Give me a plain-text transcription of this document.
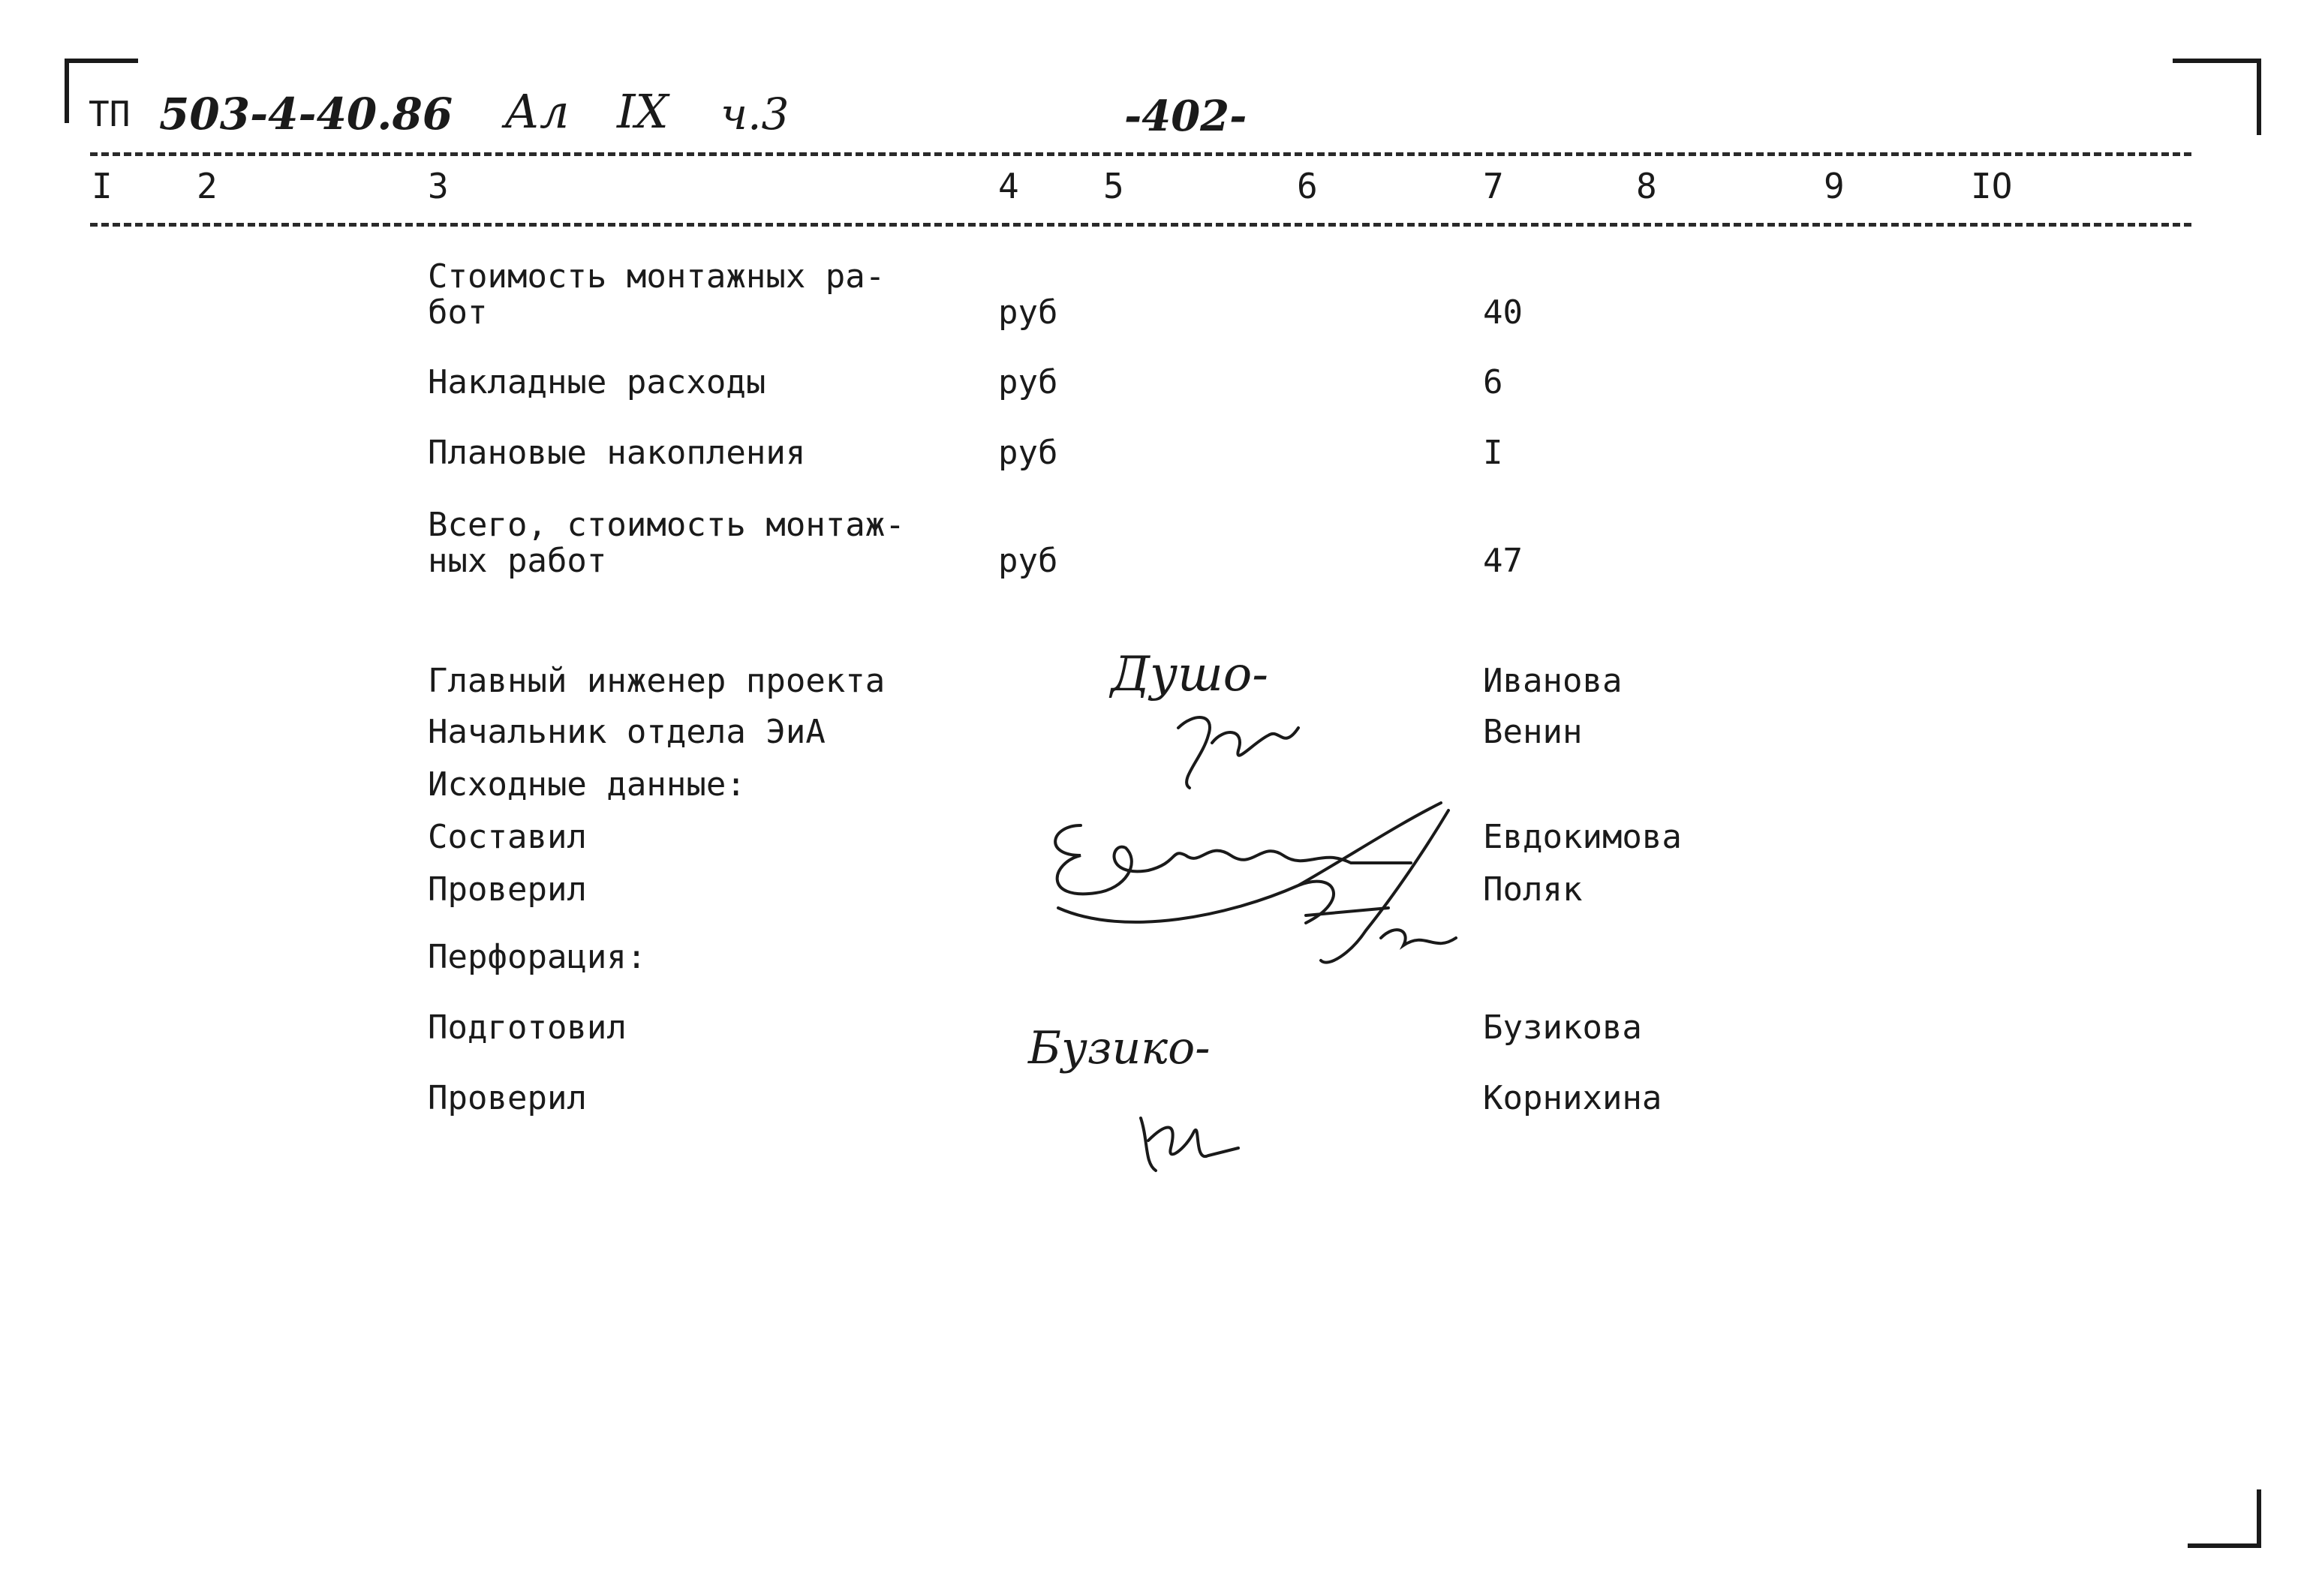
ТП 503-4-40.86 Ал IX ч.3	-402-
I 2	3	4 5	6	7	8	9	IO
Стоимость монтажных ра-
бот	руб	40
Накладные расходы	руб	6
Плановые накопления	руб	I
Всего, стоимость монтаж-
ных работ	руб	47
Главный инженер проекта	Иванова
Начальник отдела ЭиА	Венин
Исходные данные:
Составил	Евдокимова
Проверил	Поляк
Перфорация:
Подготовил	Бузикова
Проверил	Корнихина
Душо-
Бузико-
